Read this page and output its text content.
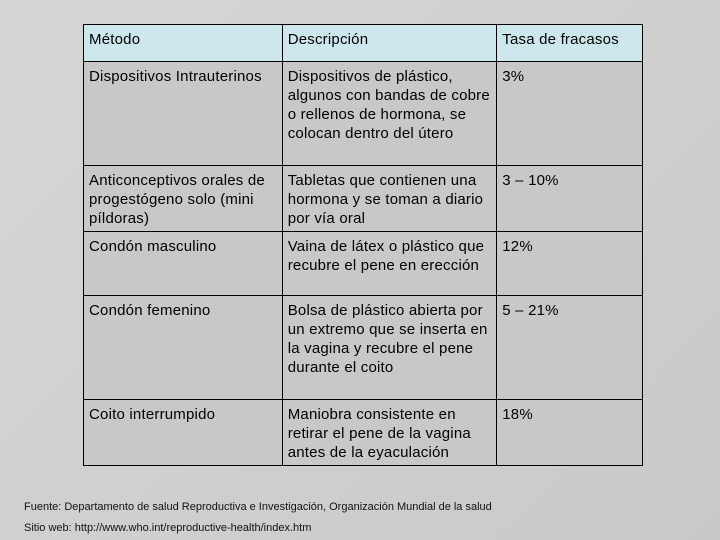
Método	Descripción	Tasa de fracasos
Dispositivos Intrauterinos	Dispositivos de plástico, algunos con bandas de cobre o rellenos de hormona, se colocan dentro del útero	3%
Anticonceptivos orales de progestógeno solo (mini píldoras)	Tabletas que contienen una hormona y se toman a diario por vía oral	3 – 10%
Condón masculino	Vaina de látex o plástico que recubre el pene en erección	12%
Condón femenino	Bolsa de plástico abierta por un extremo que se inserta en la vagina y recubre el pene durante el coito	5 – 21%
Coito interrumpido	Maniobra consistente en retirar el pene de la vagina antes de la eyaculación	18%
Fuente: Departamento de salud Reproductiva e Investigación, Organización Mundial de la salud
Sitio web: http://www.who.int/reproductive-health/index.htm
